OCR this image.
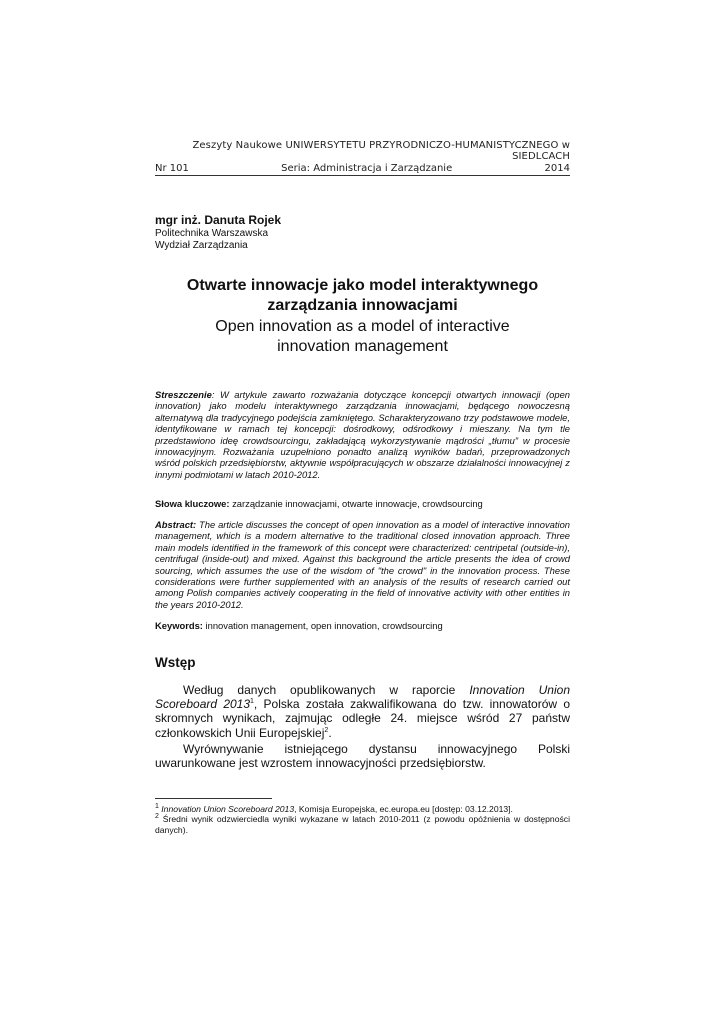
Zeszyty Naukowe UNIWERSYTETU PRZYRODNICZO-HUMANISTYCZNEGO w SIEDLCACH
Nr 101	Seria: Administracja i Zarządzanie	2014
mgr inż. Danuta Rojek
Politechnika Warszawska
Wydział Zarządzania
Otwarte innowacje jako model interaktywnego
zarządzania innowacjami
Open innovation as a model of interactive
innovation management
Streszczenie: W artykule zawarto rozważania dotyczące koncepcji otwartych innowacji (open innovation) jako modelu interaktywnego zarządzania innowacjami, będącego nowoczesną alternatywą dla tradycyjnego podejścia zamkniętego. Scharakteryzowano trzy podstawowe modele, identyfikowane w ramach tej koncepcji: dośrodkowy, odśrodkowy i mieszany. Na tym tle przedstawiono ideę crowdsourcingu, zakładającą wykorzystywanie mądrości „tłumu” w procesie innowacyjnym. Rozważania uzupełniono ponadto analizą wyników badań, przeprowadzonych wśród polskich przedsiębiorstw, aktywnie współpracujących w obszarze działalności innowacyjnej z innymi podmiotami w latach 2010-2012.
Słowa kluczowe: zarządzanie innowacjami, otwarte innowacje, crowdsourcing
Abstract: The article discusses the concept of open innovation as a model of interactive innovation management, which is a modern alternative to the traditional closed innovation approach. Three main models identified in the framework of this concept were characterized: centripetal (outside-in), centrifugal (inside-out) and mixed. Against this background the article presents the idea of crowd sourcing, which assumes the use of the wisdom of "the crowd" in the innovation process. These considerations were further supplemented with an analysis of the results of research carried out among Polish companies actively cooperating in the field of innovative activity with other entities in the years 2010-2012.
Keywords: innovation management, open innovation, crowdsourcing
Wstęp

Według danych opublikowanych w raporcie Innovation Union Scoreboard 2013$^1$, Polska została zakwalifikowana do tzw. innowatorów o skromnych wynikach, zajmując odległe 24. miejsce wśród 27 państw członkowskich Unii Europejskiej$^2$.

Wyrównywanie istniejącego dystansu innowacyjnego Polski uwarunkowane jest wzrostem innowacyjności przedsiębiorstw.

$^1$ Innovation Union Scoreboard 2013, Komisja Europejska, ec.europa.eu [dostęp: 03.12.2013].

$^2$ Średni wynik odzwierciedla wyniki wykazane w latach 2010-2011 (z powodu opóźnienia w dostępności danych).
